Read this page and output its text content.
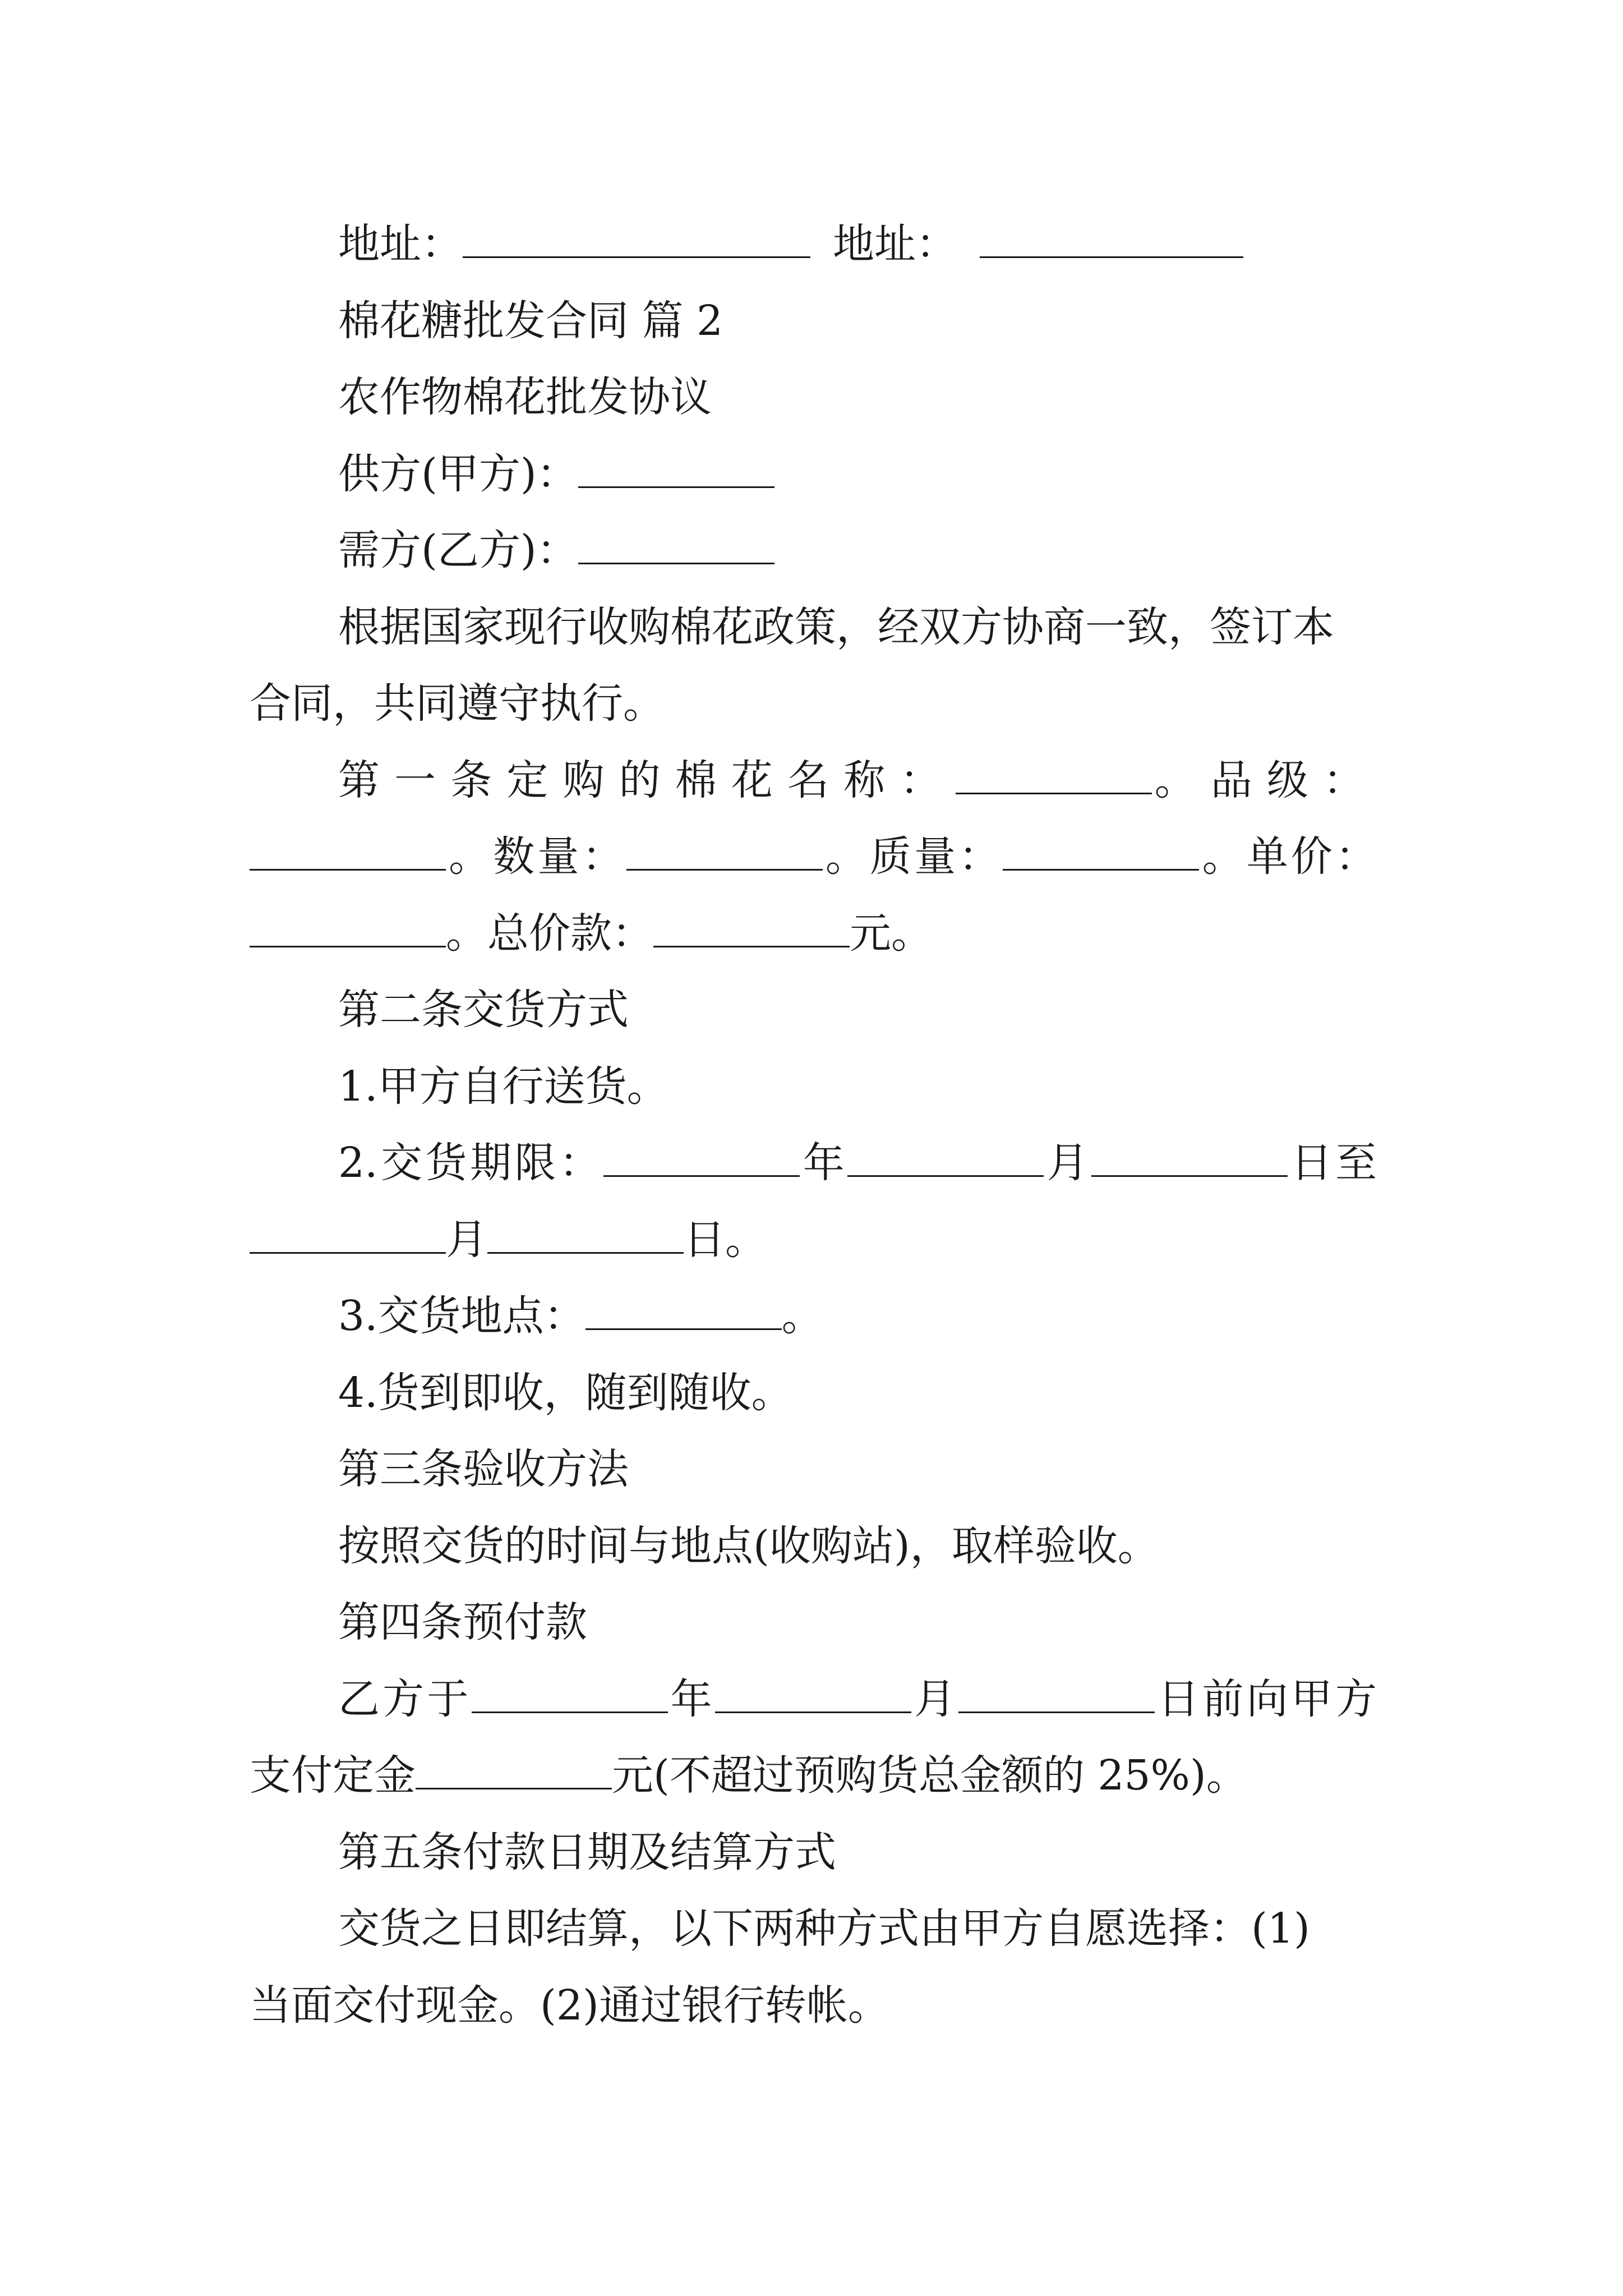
地址：	地址：
棉花糖批发合同 篇 2
农作物棉花批发协议
供方(甲方)：
需方(乙方)：
根据国家现行收购棉花政策，经双方协商一致，签订本
合同，共同遵守执行。
第一条定购的棉花名称：	。品级：
。数量：	。质量：	。单价：
。总价款：	元。
第二条交货方式
1.甲方自行送货。
2.交货期限：	年	月	日至
月	日。
3.交货地点：	。
4.货到即收，随到随收。
第三条验收方法
按照交货的时间与地点(收购站)，取样验收。
第四条预付款
乙方于	年	月	日前向甲方
支付定金	元(不超过预购货总金额的 25%)。
第五条付款日期及结算方式
交货之日即结算，以下两种方式由甲方自愿选择：(1)
当面交付现金。(2)通过银行转帐。
